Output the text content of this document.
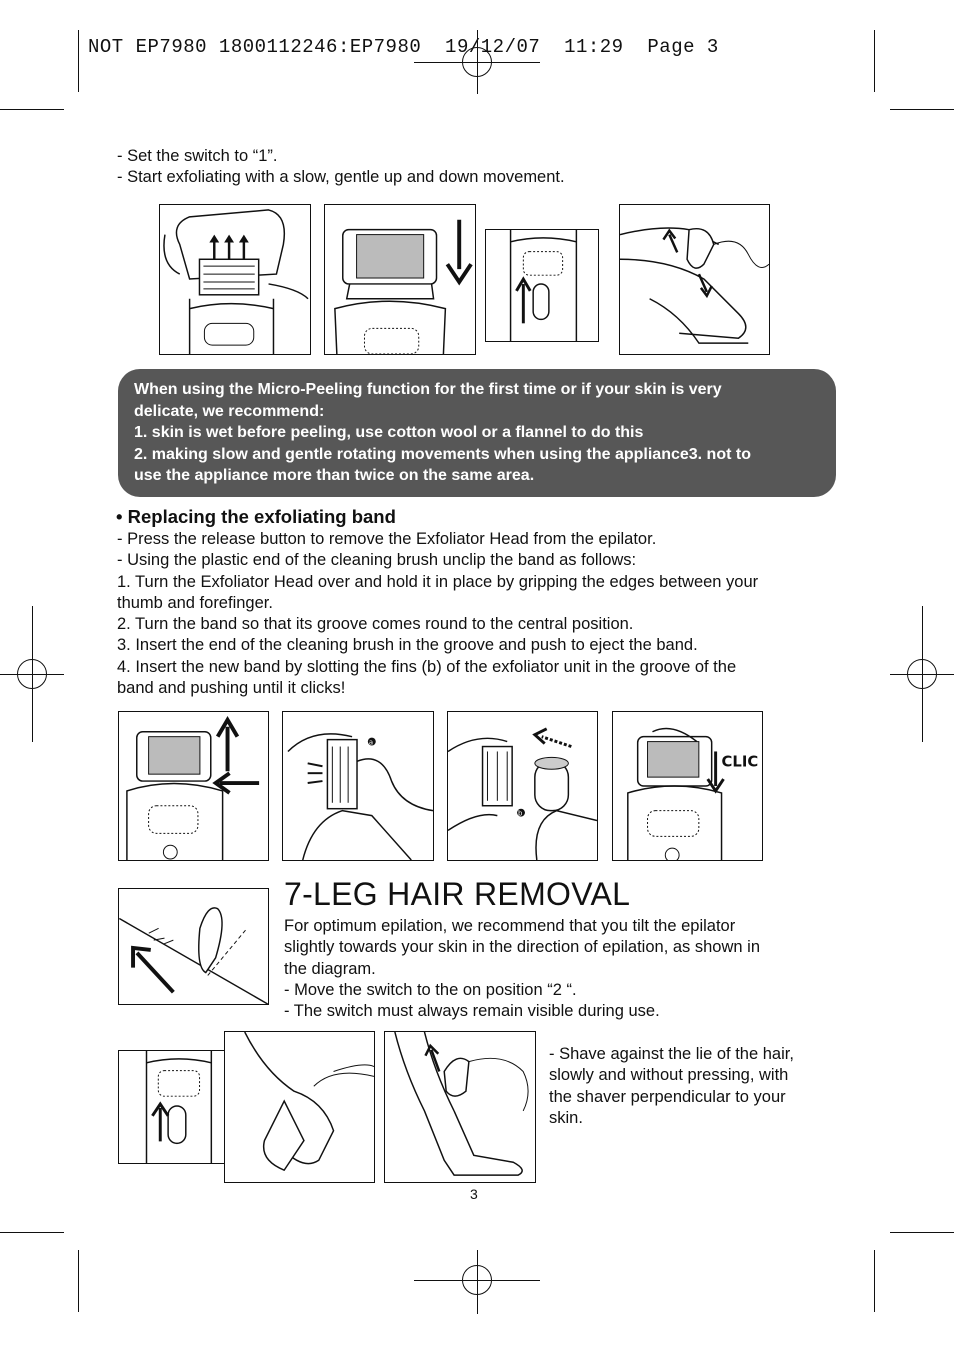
NOT EP7980 1800112246:EP7980  19/12/07  11:29  Page 3
- Set the switch to “1”.
- Start exfoliating with a slow, gentle up and down movement.
When using the Micro-Peeling function for the first time or if your skin is very
delicate, we recommend:
1. skin is wet before peeling, use cotton wool or a flannel to do this
2. making slow and gentle rotating movements when using the appliance3. not to
use the appliance more than twice on the same area.
• Replacing the exfoliating band
- Press the release button to remove the Exfoliator Head from the epilator.
- Using the plastic end of the cleaning brush unclip the band as follows:
1. Turn the Exfoliator Head over and hold it in place by gripping the edges between your
thumb and forefinger.
2. Turn the band so that its groove comes round to the central position.
3. Insert the end of the cleaning brush in the groove and push to eject the band.
4. Insert the new band by slotting the fins (b) of the exfoliator unit in the groove of the
band and pushing until it clicks!
a
b
CLIC
7-LEG HAIR REMOVAL
For optimum epilation, we recommend that you tilt the epilator
slightly towards your skin in the direction of epilation, as shown in
the diagram.
- Move the switch to the on position “2 “.
- The switch must always remain visible during use.
- Shave against the lie of the hair,
slowly and without pressing, with
the shaver perpendicular to your
skin.
3
